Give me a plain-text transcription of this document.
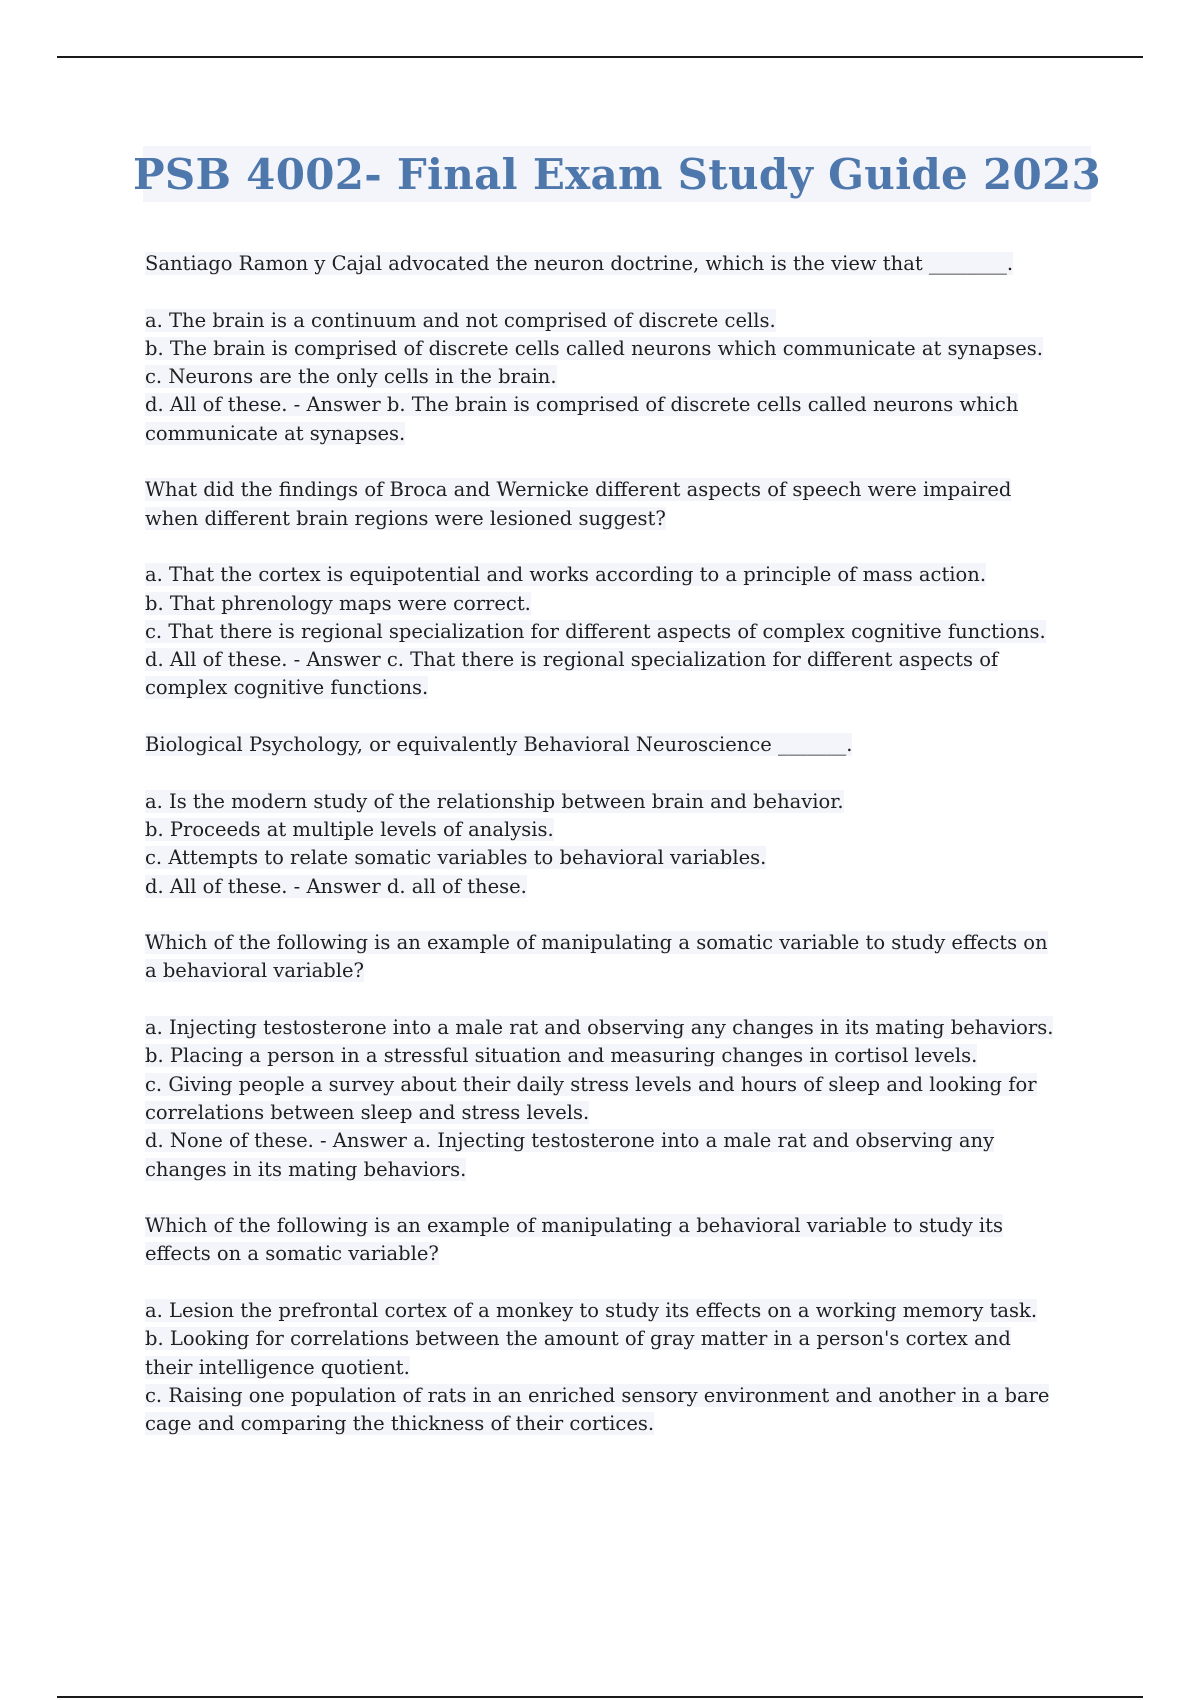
PSB 4002- Final Exam Study Guide 2023
Santiago Ramon y Cajal advocated the neuron doctrine, which is the view that ________.
a. The brain is a continuum and not comprised of discrete cells.
b. The brain is comprised of discrete cells called neurons which communicate at synapses.
c. Neurons are the only cells in the brain.
d. All of these. - Answer b. The brain is comprised of discrete cells called neurons which
communicate at synapses.
What did the findings of Broca and Wernicke different aspects of speech were impaired
when different brain regions were lesioned suggest?
a. That the cortex is equipotential and works according to a principle of mass action.
b. That phrenology maps were correct.
c. That there is regional specialization for different aspects of complex cognitive functions.
d. All of these. - Answer c. That there is regional specialization for different aspects of
complex cognitive functions.
Biological Psychology, or equivalently Behavioral Neuroscience _______.
a. Is the modern study of the relationship between brain and behavior.
b. Proceeds at multiple levels of analysis.
c. Attempts to relate somatic variables to behavioral variables.
d. All of these. - Answer d. all of these.
Which of the following is an example of manipulating a somatic variable to study effects on
a behavioral variable?
a. Injecting testosterone into a male rat and observing any changes in its mating behaviors.
b. Placing a person in a stressful situation and measuring changes in cortisol levels.
c. Giving people a survey about their daily stress levels and hours of sleep and looking for
correlations between sleep and stress levels.
d. None of these. - Answer a. Injecting testosterone into a male rat and observing any
changes in its mating behaviors.
Which of the following is an example of manipulating a behavioral variable to study its
effects on a somatic variable?
a. Lesion the prefrontal cortex of a monkey to study its effects on a working memory task.
b. Looking for correlations between the amount of gray matter in a person's cortex and
their intelligence quotient.
c. Raising one population of rats in an enriched sensory environment and another in a bare
cage and comparing the thickness of their cortices.
